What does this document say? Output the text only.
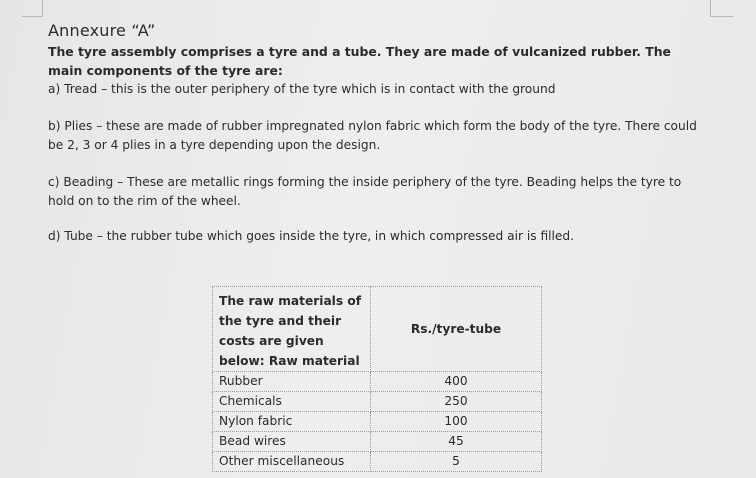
Annexure “A”
The tyre assembly comprises a tyre and a tube. They are made of vulcanized rubber. The main components of the tyre are:

a) Tread – this is the outer periphery of the tyre which is in contact with the ground

b) Plies – these are made of rubber impregnated nylon fabric which form the body of the tyre. There could be 2, 3 or 4 plies in a tyre depending upon the design.

c) Beading – These are metallic rings forming the inside periphery of the tyre. Beading helps the tyre to hold on to the rim of the wheel.

d) Tube – the rubber tube which goes inside the tyre, in which compressed air is filled.

The raw materials of the tyre and their costs are given below: Raw material	Rs./tyre-tube
Rubber	400
Chemicals	250
Nylon fabric	100
Bead wires	45
Other miscellaneous	5
